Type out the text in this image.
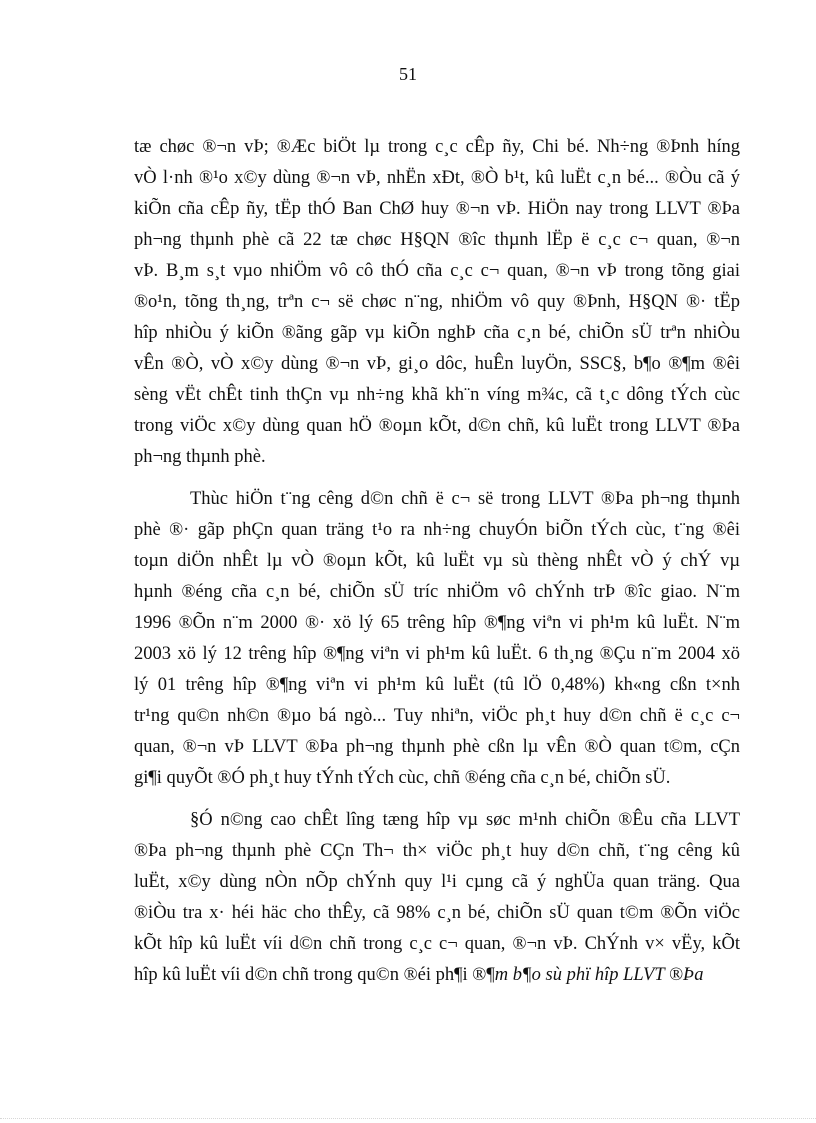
51

tæ chøc ®¬n vÞ; ®Æc biÖt lµ trong c¸c cÊp ñy, Chi bé. Nh÷ng ®Þnh híng
vÒ l·nh ®¹o x©y dùng ®¬n vÞ, nhËn xÐt, ®Ò b¹t, kû luËt c¸n bé... ®Òu cã ý
kiÕn cña cÊp ñy, tËp thÓ Ban ChØ huy ®¬n vÞ. HiÖn nay trong LLVT ®Þa
ph¬ng thµnh phè cã 22 tæ chøc H§QN ®îc thµnh lËp ë c¸c c¬ quan, ®¬n
vÞ. B¸m s¸t vµo nhiÖm vô cô thÓ cña c¸c c¬ quan, ®¬n vÞ trong tõng giai
®o¹n, tõng th¸ng, trªn c¬ së chøc n¨ng, nhiÖm vô quy ®Þnh, H§QN ®· tËp
hîp nhiÒu ý kiÕn ®ãng gãp vµ kiÕn nghÞ cña c¸n bé, chiÕn sÜ trªn nhiÒu
vÊn ®Ò, vÒ x©y dùng ®¬n vÞ, gi¸o dôc, huÊn luyÖn, SSC§, b¶o ®¶m ®êi
sèng vËt chÊt tinh thÇn vµ nh÷ng khã kh¨n víng m¾c, cã t¸c dông tÝch cùc
trong viÖc x©y dùng quan hÖ ®oµn kÕt, d©n chñ, kû luËt trong LLVT ®Þa
ph¬ng thµnh phè.

Thùc hiÖn t¨ng cêng d©n chñ ë c¬ së trong LLVT ®Þa ph¬ng thµnh
phè ®· gãp phÇn quan träng t¹o ra nh÷ng chuyÓn biÕn tÝch cùc, t¨ng ®êi
toµn diÖn nhÊt lµ vÒ ®oµn kÕt, kû luËt vµ sù thèng nhÊt vÒ ý chÝ vµ
hµnh ®éng cña c¸n bé, chiÕn sÜ tríc nhiÖm vô chÝnh trÞ ®îc giao. N¨m
1996 ®Õn n¨m 2000 ®· xö lý 65 trêng hîp ®¶ng viªn vi ph¹m kû luËt. N¨m
2003 xö lý 12 trêng hîp ®¶ng viªn vi ph¹m kû luËt. 6 th¸ng ®Çu n¨m 2004 xö
lý 01 trêng hîp ®¶ng viªn vi ph¹m kû luËt (tû lÖ 0,48%) kh«ng cßn t×nh
tr¹ng qu©n nh©n ®µo bá ngò... Tuy nhiªn, viÖc ph¸t huy d©n chñ ë c¸c c¬
quan, ®¬n vÞ LLVT ®Þa ph¬ng thµnh phè cßn lµ vÊn ®Ò quan t©m, cÇn
gi¶i quyÕt ®Ó ph¸t huy tÝnh tÝch cùc, chñ ®éng cña c¸n bé, chiÕn sÜ.

§Ó n©ng cao chÊt lîng tæng hîp vµ søc m¹nh chiÕn ®Êu cña LLVT
®Þa ph¬ng thµnh phè CÇn Th¬ th× viÖc ph¸t huy d©n chñ, t¨ng cêng kû
luËt, x©y dùng nÒn nÕp chÝnh quy l¹i cµng cã ý nghÜa quan träng. Qua
®iÒu tra x· héi häc cho thÊy, cã 98% c¸n bé, chiÕn sÜ quan t©m ®Õn viÖc
kÕt hîp kû luËt víi d©n chñ trong c¸c c¬ quan, ®¬n vÞ. ChÝnh v× vËy, kÕt
hîp kû luËt víi d©n chñ trong qu©n ®éi ph¶i ®¶m b¶o sù phï hîp LLVT ®Þa
